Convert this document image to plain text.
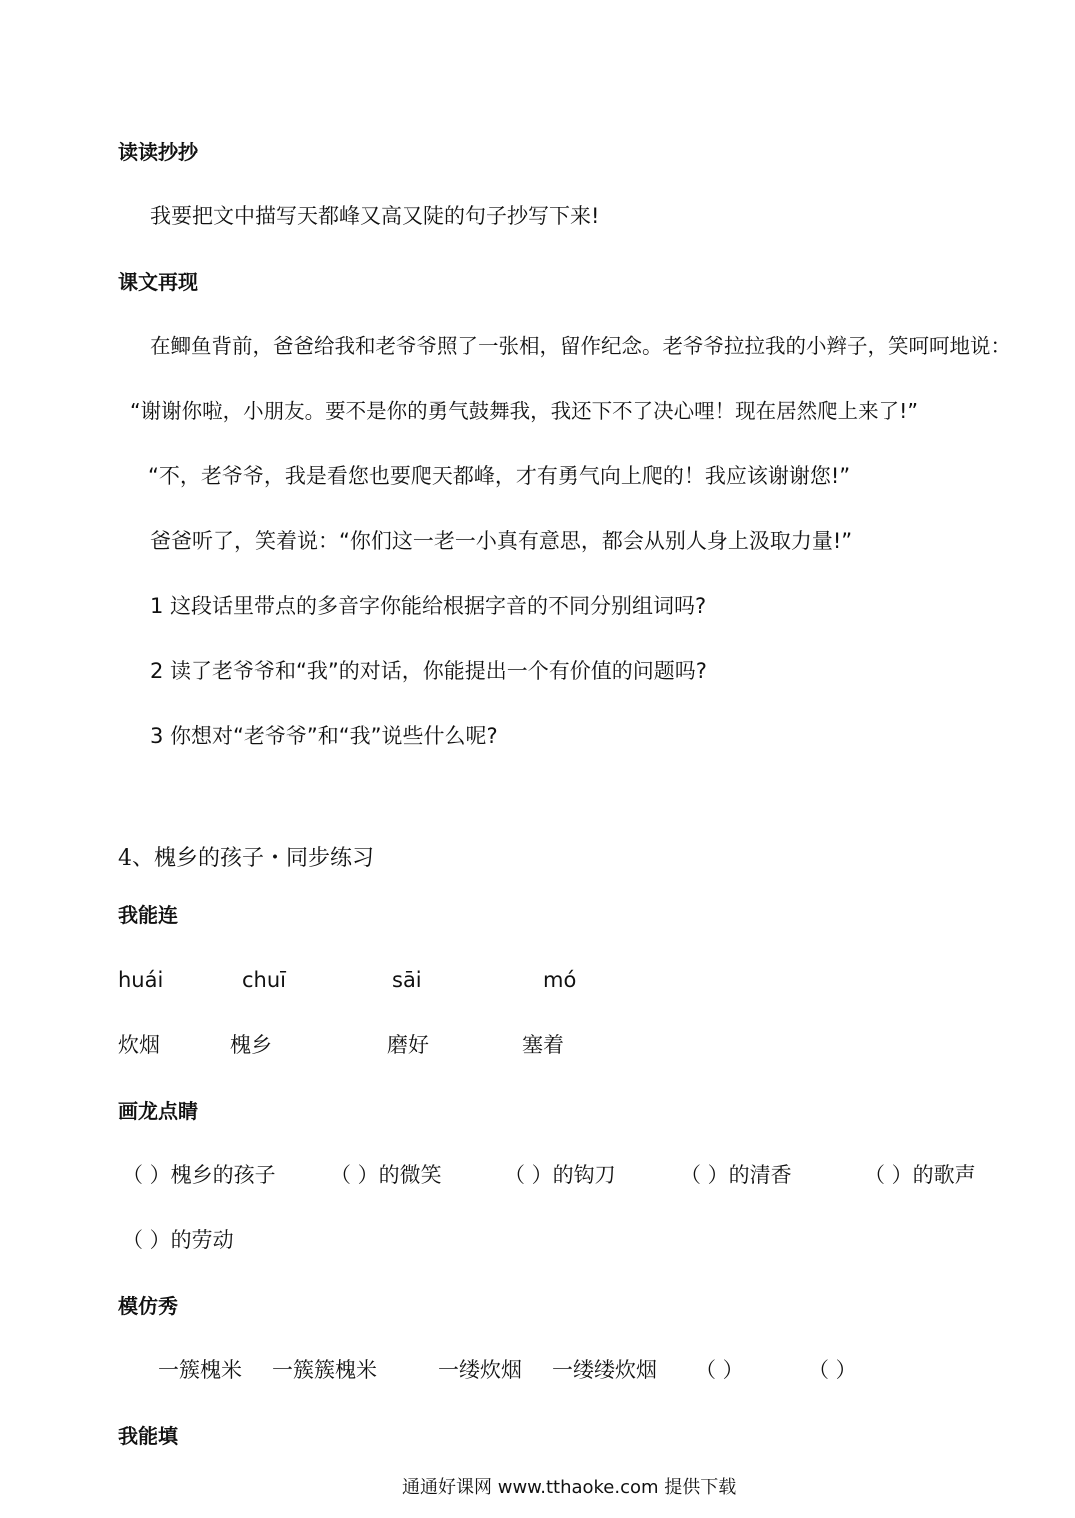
读读抄抄
我要把文中描写天都峰又高又陡的句子抄写下来!
课文再现
在鲫鱼背前，爸爸给我和老爷爷照了一张相，留作纪念。老爷爷拉拉我的小辫子，笑呵呵地说：
“谢谢你啦，小朋友。要不是你的勇气鼓舞我，我还下不了决心哩！现在居然爬上来了!”
“不，老爷爷，我是看您也要爬天都峰，才有勇气向上爬的！我应该谢谢您!”
爸爸听了，笑着说：“你们这一老一小真有意思，都会从别人身上汲取力量!”
1 这段话里带点的多音字你能给根据字音的不同分别组词吗?
2 读了老爷爷和“我”的对话，你能提出一个有价值的问题吗?
3 你想对“老爷爷”和“我”说些什么呢?
4、槐乡的孩子・同步练习
我能连
huái	chuī	sāi	mó
炊烟	槐乡	磨好	塞着
画龙点睛
（ ）槐乡的孩子	（ ）的微笑	（ ）的钩刀	（ ）的清香	（ ）的歌声
（ ）的劳动
模仿秀
一簇槐米 一簇簇槐米	一缕炊烟 一缕缕炊烟 （ ）	（ ）
我能填
通通好课网 www.tthaoke.com 提供下载
